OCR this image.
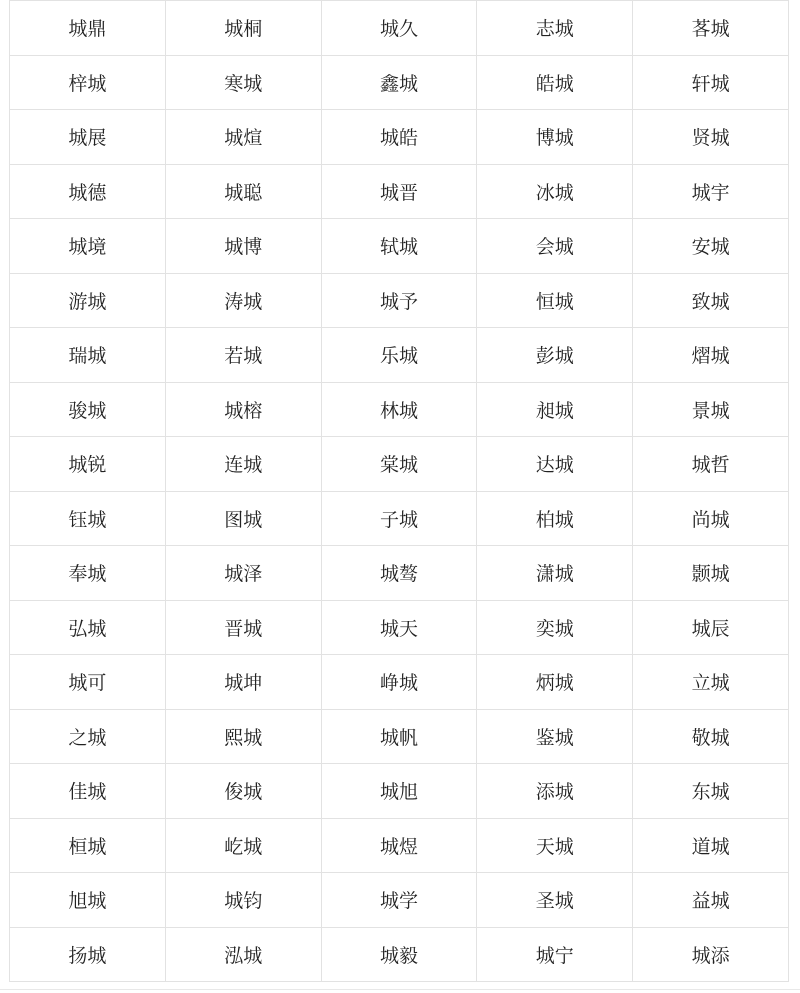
城鼎	城桐	城久	志城	茖城
梓城	寒城	鑫城	皓城	轩城
城展	城煊	城皓	博城	贤城
城德	城聪	城晋	冰城	城宇
城境	城博	轼城	会城	安城
游城	涛城	城予	恒城	致城
瑞城	若城	乐城	彭城	熠城
骏城	城榕	林城	昶城	景城
城锐	连城	棠城	达城	城哲
钰城	图城	子城	柏城	尚城
奉城	城泽	城骜	潇城	颢城
弘城	晋城	城天	奕城	城辰
城可	城坤	峥城	炳城	立城
之城	熙城	城帆	鉴城	敬城
佳城	俊城	城旭	添城	东城
桓城	屹城	城煜	天城	道城
旭城	城钧	城学	圣城	益城
扬城	泓城	城毅	城宁	城添
